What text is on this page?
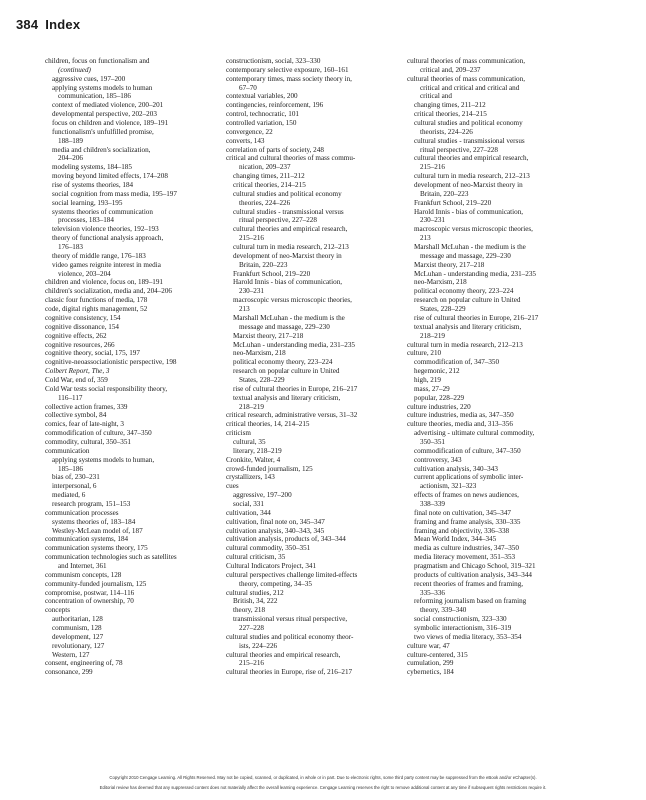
384 Index
children, focus on functionalism and
(continued)
aggressive cues, 197–200
applying systems models to human
communication, 185–186
context of mediated violence, 200–201
developmental perspective, 202–203
focus on children and violence, 189–191
functionalism's unfulfilled promise,
188–189
media and children's socialization,
204–206
modeling systems, 184–185
moving beyond limited effects, 174–208
rise of systems theories, 184
social cognition from mass media, 195–197
social learning, 193–195
systems theories of communication
processes, 183–184
television violence theories, 192–193
theory of functional analysis approach,
176–183
theory of middle range, 176–183
video games reignite interest in media
violence, 203–204
children and violence, focus on, 189–191
children's socialization, media and, 204–206
classic four functions of media, 178
code, digital rights management, 52
cognitive consistency, 154
cognitive dissonance, 154
cognitive effects, 262
cognitive resources, 266
cognitive theory, social, 175, 197
cognitive-neoassociationistic perspective, 198
Colbert Report, The, 3
Cold War, end of, 359
Cold War tests social responsibility theory,
116–117
collective action frames, 339
collective symbol, 84
comics, fear of late-night, 3
commodification of culture, 347–350
commodity, cultural, 350–351
communication
applying systems models to human,
185–186
bias of, 230–231
interpersonal, 6
mediated, 6
research program, 151–153
communication processes
systems theories of, 183–184
Westley-McLean model of, 187
communication systems, 184
communication systems theory, 175
communication technologies such as satellites
and Internet, 361
communism concepts, 128
community-funded journalism, 125
compromise, postwar, 114–116
concentration of ownership, 70
concepts
authoritarian, 128
communism, 128
development, 127
revolutionary, 127
Western, 127
consent, engineering of, 78
consonance, 299
constructionism, social, 323–330
contemporary selective exposure, 160–161
contemporary times, mass society theory in,
67–70
contextual variables, 200
contingencies, reinforcement, 196
control, technocratic, 101
controlled variation, 150
convergence, 22
converts, 143
correlation of parts of society, 248
critical and cultural theories of mass commu-
nication, 209–237
changing times, 211–212
critical theories, 214–215
cultural studies and political economy
theories, 224–226
cultural studies - transmissional versus
ritual perspective, 227–228
cultural theories and empirical research,
215–216
cultural turn in media research, 212–213
development of neo-Marxist theory in
Britain, 220–223
Frankfurt School, 219–220
Harold Innis - bias of communication,
230–231
macroscopic versus microscopic theories,
213
Marshall McLuhan - the medium is the
message and massage, 229–230
Marxist theory, 217–218
McLuhan - understanding media, 231–235
neo-Marxism, 218
political economy theory, 223–224
research on popular culture in United
States, 228–229
rise of cultural theories in Europe, 216–217
textual analysis and literary criticism,
218–219
critical research, administrative versus, 31–32
critical theories, 14, 214–215
criticism
cultural, 35
literary, 218–219
Cronkite, Walter, 4
crowd-funded journalism, 125
crystallizers, 143
cues
aggressive, 197–200
social, 331
cultivation, 344
cultivation, final note on, 345–347
cultivation analysis, 340–343, 345
cultivation analysis, products of, 343–344
cultural commodity, 350–351
cultural criticism, 35
Cultural Indicators Project, 341
cultural perspectives challenge limited-effects
theory, competing, 34–35
cultural studies, 212
British, 34, 222
theory, 218
transmissional versus ritual perspective,
227–228
cultural studies and political economy theor-
ists, 224–226
cultural theories and empirical research,
215–216
cultural theories in Europe, rise of, 216–217
cultural theories of mass communication,
critical and, 209–237
cultural theories of mass communication,
critical and critical and critical and
critical and
changing times, 211–212
critical theories, 214–215
cultural studies and political economy
theorists, 224–226
cultural studies - transmissional versus
ritual perspective, 227–228
cultural theories and empirical research,
215–216
cultural turn in media research, 212–213
development of neo-Marxist theory in
Britain, 220–223
Frankfurt School, 219–220
Harold Innis - bias of communication,
230–231
macroscopic versus microscopic theories,
213
Marshall McLuhan - the medium is the
message and massage, 229–230
Marxist theory, 217–218
McLuhan - understanding media, 231–235
neo-Marxism, 218
political economy theory, 223–224
research on popular culture in United
States, 228–229
rise of cultural theories in Europe, 216–217
textual analysis and literary criticism,
218–219
cultural turn in media research, 212–213
culture, 210
commodification of, 347–350
hegemonic, 212
high, 219
mass, 27–29
popular, 228–229
culture industries, 220
culture industries, media as, 347–350
culture theories, media and, 313–356
advertising - ultimate cultural commodity,
350–351
commodification of culture, 347–350
controversy, 343
cultivation analysis, 340–343
current applications of symbolic inter-
actionism, 321–323
effects of frames on news audiences,
338–339
final note on cultivation, 345–347
framing and frame analysis, 330–335
framing and objectivity, 336–338
Mean World Index, 344–345
media as culture industries, 347–350
media literacy movement, 351–353
pragmatism and Chicago School, 319–321
products of cultivation analysis, 343–344
recent theories of frames and framing,
335–336
reforming journalism based on framing
theory, 339–340
social constructionism, 323–330
symbolic interactionism, 316–319
two views of media literacy, 353–354
culture war, 47
culture-centered, 315
cumulation, 299
cybernetics, 184
Copyright 2010 Cengage Learning. All Rights Reserved. May not be copied, scanned, or duplicated, in whole or in part. Due to electronic rights, some third party content may be suppressed from the eBook and/or eChapter(s).
Editorial review has deemed that any suppressed content does not materially affect the overall learning experience. Cengage Learning reserves the right to remove additional content at any time if subsequent rights restrictions require it.
